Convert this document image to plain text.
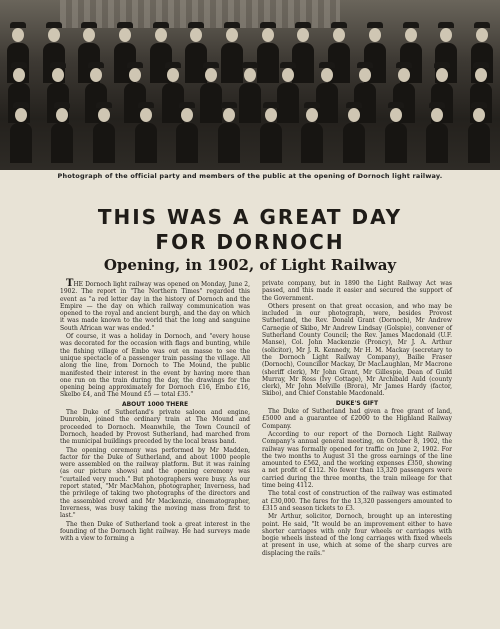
Photograph of the official party and members of the public at the opening of Dornoch light railway.
THIS WAS A GREAT DAY
FOR DORNOCH
Opening, in 1902, of Light Railway

THE Dornoch light railway was opened on Monday, June 2, 1902. The report in "The Northern Times" regarded this event as "a red letter day in the history of Dornoch and the Empire — the day on which railway communication was opened to the royal and ancient burgh, and the day on which it was made known to the world that the long and sanguine South African war was ended."

Of course, it was a holiday in Dornoch, and "every house was decorated for the occasion with flags and bunting, while the fishing village of Embo was out en masse to see the unique spectacle of a passenger train passing the village. All along the line, from Dornoch to The Mound, the public manifested their interest in the event by having more than one run on the train during the day, the drawings for the opening being approximately for Dornoch £16, Embo £16, Skelbo £4, and The Mound £5 — total £35."

ABOUT 1000 THERE

The Duke of Sutherland's private saloon and engine, Dunrobin, joined the ordinary train at The Mound and proceeded to Dornoch. Meanwhile, the Town Council of Dornoch, headed by Provost Sutherland, had marched from the municipal buildings preceded by the local brass band.

The opening ceremony was performed by Mr Madden, factor for the Duke of Sutherland, and about 1000 people were assembled on the railway platform. But it was raining (as our picture shows) and the opening ceremony was "curtailed very much." But photographers were busy. As our report stated, "Mr MacMahon, photographer, Inverness, had the privilege of taking two photographs of the directors and the assembled crowd and Mr Mackenzie, cinematographer, Inverness, was busy taking the moving mass from first to last."

The then Duke of Sutherland took a great interest in the founding of the Dornoch light railway. He had surveys made with a view to forming a

private company, but in 1890 the Light Railway Act was passed, and this made it easier and secured the support of the Government.

Others present on that great occasion, and who may be included in our photograph, were, besides Provost Sutherland, the Rev. Donald Grant (Dornoch), Mr Andrew Carnegie of Skibo, Mr Andrew Lindsay (Golspie), convener of Sutherland County Council; the Rev. James Macdonald (U.F. Manse), Col. John Mackenzie (Proncy), Mr J. A. Arthur (solicitor), Mr J. R. Kennedy, Mr H. M. Mackay (secretary to the Dornoch Light Railway Company), Bailie Fraser (Dornoch), Councillor Mackay, Dr MacLaughlan, Mr Macrone (sheriff clerk), Mr John Grant, Mr Gillespie, Dean of Guild Murray, Mr Ross (Ivy Cottage), Mr Archibald Auld (county clerk), Mr John Melville (Brora), Mr James Hardy (factor, Skibo), and Chief Constable Macdonald.

DUKE'S GIFT

The Duke of Sutherland had given a free grant of land, £5000 and a guarantee of £2000 to the Highland Railway Company.

According to our report of the Dornoch Light Railway Company's annual general meeting, on October 8, 1902, the railway was formally opened for traffic on June 2, 1902. For the two months to August 31 the gross earnings of the line amounted to £562, and the working expenses £350, showing a net profit of £112. No fewer than 13,320 passengers were carried during the three months, the train mileage for that time being 4112.

The total cost of construction of the railway was estimated at £30,000. The fares for the 13,320 passengers amounted to £315 and season tickets to £3.

Mr Arthur, solicitor, Dornoch, brought up an interesting point. He said, "It would be an improvement either to have shorter carriages with only four wheels or carriages with bogie wheels instead of the long carriages with fixed wheels at present in use, which at some of the sharp curves are displacing the rails."
